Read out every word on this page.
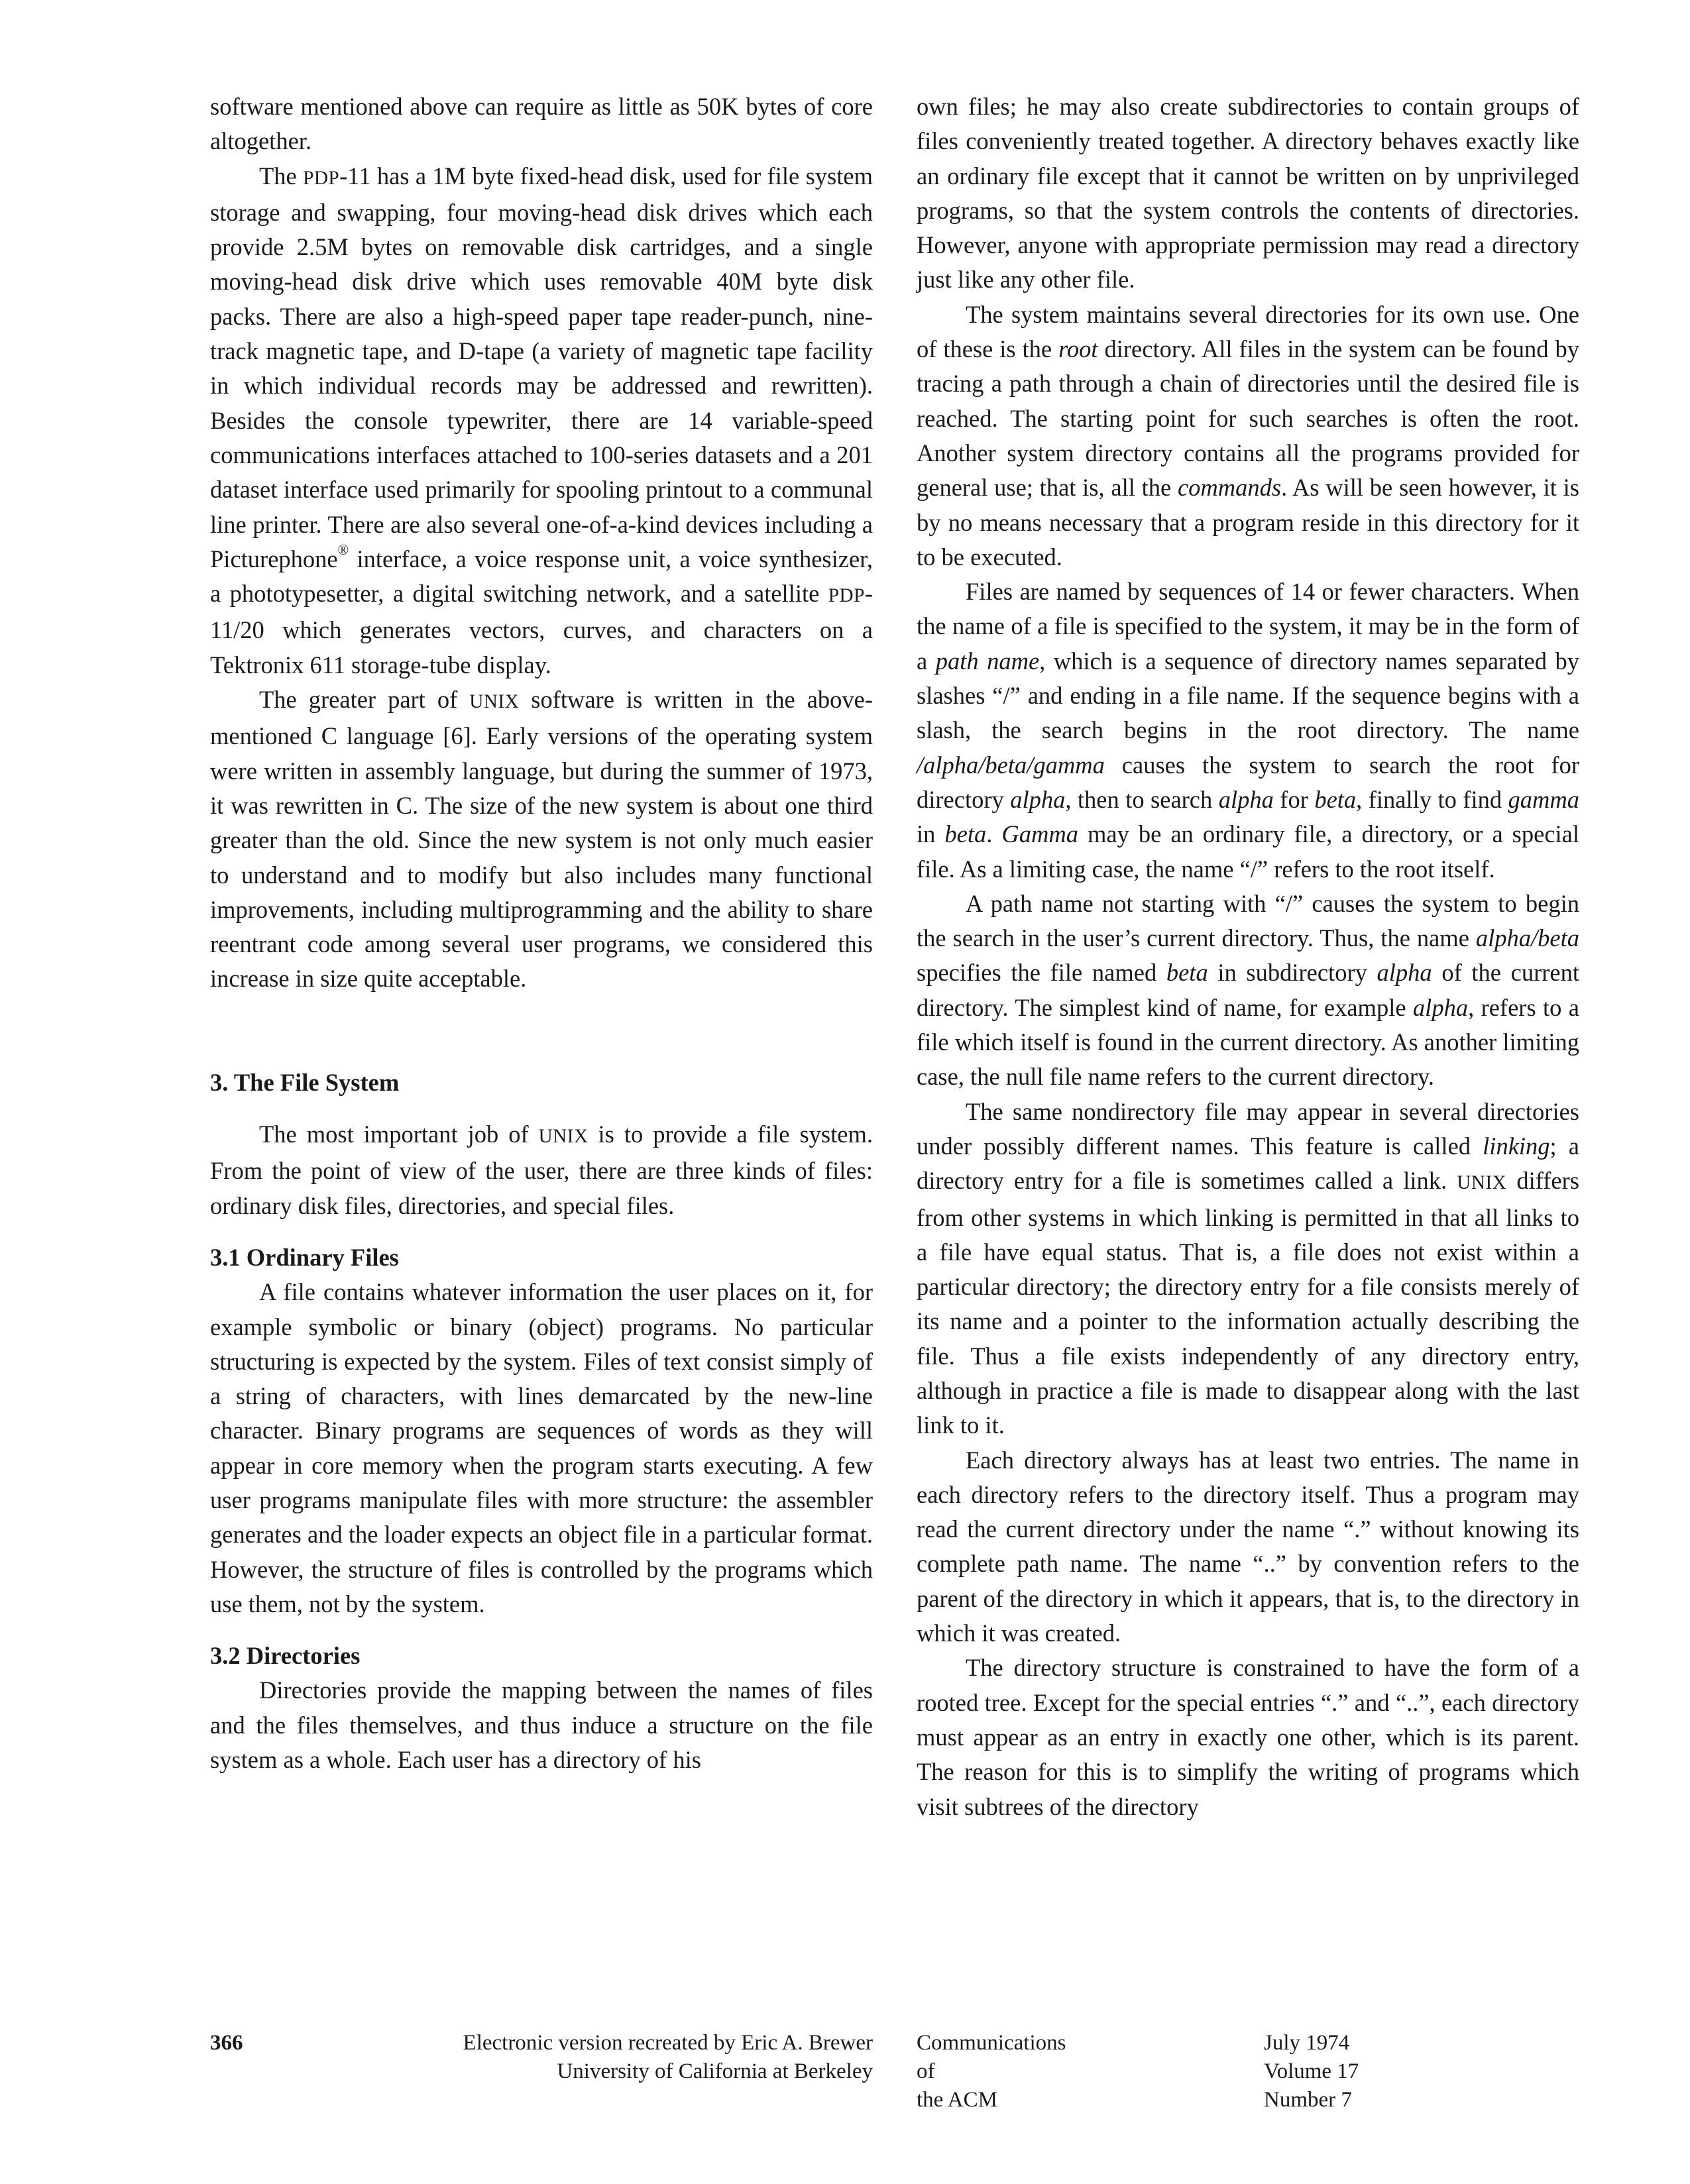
software mentioned above can require as little as 50K bytes of core altogether.

The PDP-11 has a 1M byte fixed-head disk, used for file system storage and swapping, four moving-head disk drives which each provide 2.5M bytes on removable disk cartridges, and a single moving-head disk drive which uses removable 40M byte disk packs. There are also a high-speed paper tape reader-punch, nine-track magnetic tape, and D-tape (a variety of magnetic tape facility in which individual records may be addressed and rewritten). Besides the console typewriter, there are 14 variable-speed communications interfaces attached to 100-series datasets and a 201 dataset interface used primarily for spooling printout to a communal line printer. There are also several one-of-a-kind devices including a Picturephone® interface, a voice response unit, a voice synthesizer, a phototypesetter, a digital switching network, and a satellite PDP-11/20 which generates vectors, curves, and characters on a Tektronix 611 storage-tube display.

The greater part of UNIX software is written in the above-mentioned C language [6]. Early versions of the operating system were written in assembly language, but during the summer of 1973, it was rewritten in C. The size of the new system is about one third greater than the old. Since the new system is not only much easier to understand and to modify but also includes many functional improvements, including multiprogramming and the ability to share reentrant code among several user programs, we considered this increase in size quite acceptable.

3. The File System

The most important job of UNIX is to provide a file system. From the point of view of the user, there are three kinds of files: ordinary disk files, directories, and special files.

3.1 Ordinary Files

A file contains whatever information the user places on it, for example symbolic or binary (object) programs. No particular structuring is expected by the system. Files of text consist simply of a string of characters, with lines demarcated by the new-line character. Binary programs are sequences of words as they will appear in core memory when the program starts executing. A few user programs manipulate files with more structure: the assembler generates and the loader expects an object file in a particular format. However, the structure of files is controlled by the programs which use them, not by the system.

3.2 Directories

Directories provide the mapping between the names of files and the files themselves, and thus induce a structure on the file system as a whole. Each user has a directory of his

own files; he may also create subdirectories to contain groups of files conveniently treated together. A directory behaves exactly like an ordinary file except that it cannot be written on by unprivileged programs, so that the system controls the contents of directories. However, anyone with appropriate permission may read a directory just like any other file.

The system maintains several directories for its own use. One of these is the root directory. All files in the system can be found by tracing a path through a chain of directories until the desired file is reached. The starting point for such searches is often the root. Another system directory contains all the programs provided for general use; that is, all the commands. As will be seen however, it is by no means necessary that a program reside in this directory for it to be executed.

Files are named by sequences of 14 or fewer characters. When the name of a file is specified to the system, it may be in the form of a path name, which is a sequence of directory names separated by slashes “/” and ending in a file name. If the sequence begins with a slash, the search begins in the root directory. The name /alpha/beta/gamma causes the system to search the root for directory alpha, then to search alpha for beta, finally to find gamma in beta. Gamma may be an ordinary file, a directory, or a special file. As a limiting case, the name “/” refers to the root itself.

A path name not starting with “/” causes the system to begin the search in the user’s current directory. Thus, the name alpha/beta specifies the file named beta in subdirectory alpha of the current directory. The simplest kind of name, for example alpha, refers to a file which itself is found in the current directory. As another limiting case, the null file name refers to the current directory.

The same nondirectory file may appear in several directories under possibly different names. This feature is called linking; a directory entry for a file is sometimes called a link. UNIX differs from other systems in which linking is permitted in that all links to a file have equal status. That is, a file does not exist within a particular directory; the directory entry for a file consists merely of its name and a pointer to the information actually describing the file. Thus a file exists independently of any directory entry, although in practice a file is made to disappear along with the last link to it.

Each directory always has at least two entries. The name in each directory refers to the directory itself. Thus a program may read the current directory under the name “.” without knowing its complete path name. The name “..” by convention refers to the parent of the directory in which it appears, that is, to the directory in which it was created.

The directory structure is constrained to have the form of a rooted tree. Except for the special entries “.” and “..”, each directory must appear as an entry in exactly one other, which is its parent. The reason for this is to simplify the writing of programs which visit subtrees of the directory

366	Electronic version recreated by Eric A. Brewer
University of California at Berkeley
Communications
of
the ACM
July 1974
Volume 17
Number 7
